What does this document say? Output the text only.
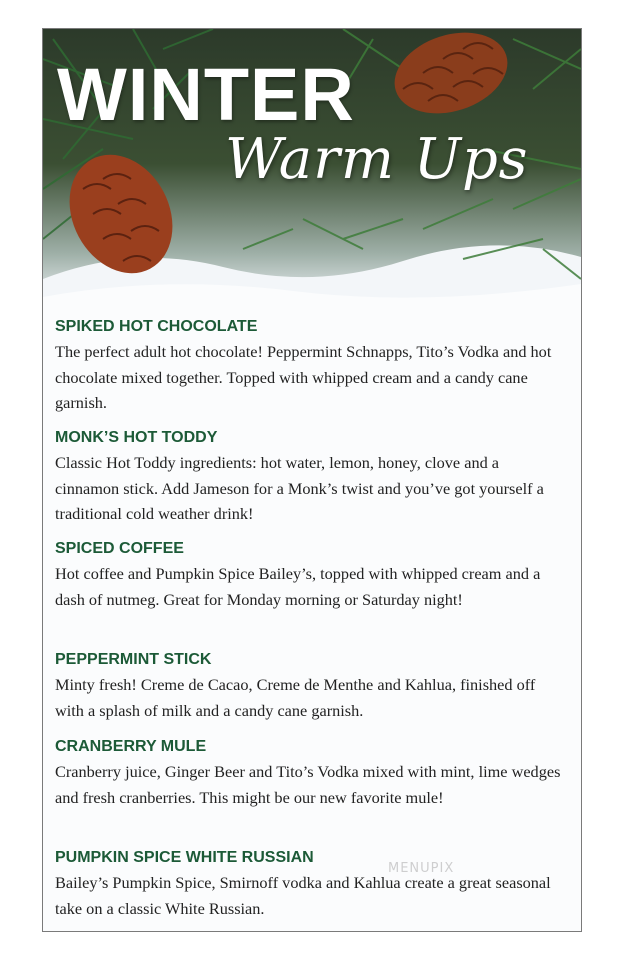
WINTER
Warm Ups

SPIKED HOT CHOCOLATE

The perfect adult hot chocolate! Peppermint Schnapps, Tito’s Vodka and hot chocolate mixed together. Topped with whipped cream and a candy cane garnish.

MONK’S HOT TODDY

Classic Hot Toddy ingredients: hot water, lemon, honey, clove and a cinnamon stick. Add Jameson for a Monk’s twist and you’ve got yourself a traditional cold weather drink!

SPICED COFFEE

Hot coffee and Pumpkin Spice Bailey’s, topped with whipped cream and a dash of nutmeg. Great for Monday morning or Saturday night!

PEPPERMINT STICK

Minty fresh! Creme de Cacao, Creme de Menthe and Kahlua, finished off with a splash of milk and a candy cane garnish.

CRANBERRY MULE

Cranberry juice, Ginger Beer and Tito’s Vodka mixed with mint, lime wedges and fresh cranberries. This might be our new favorite mule!

PUMPKIN SPICE WHITE RUSSIAN

Bailey’s Pumpkin Spice, Smirnoff vodka and Kahlua create a great seasonal take on a classic White Russian.

MENUPIX
